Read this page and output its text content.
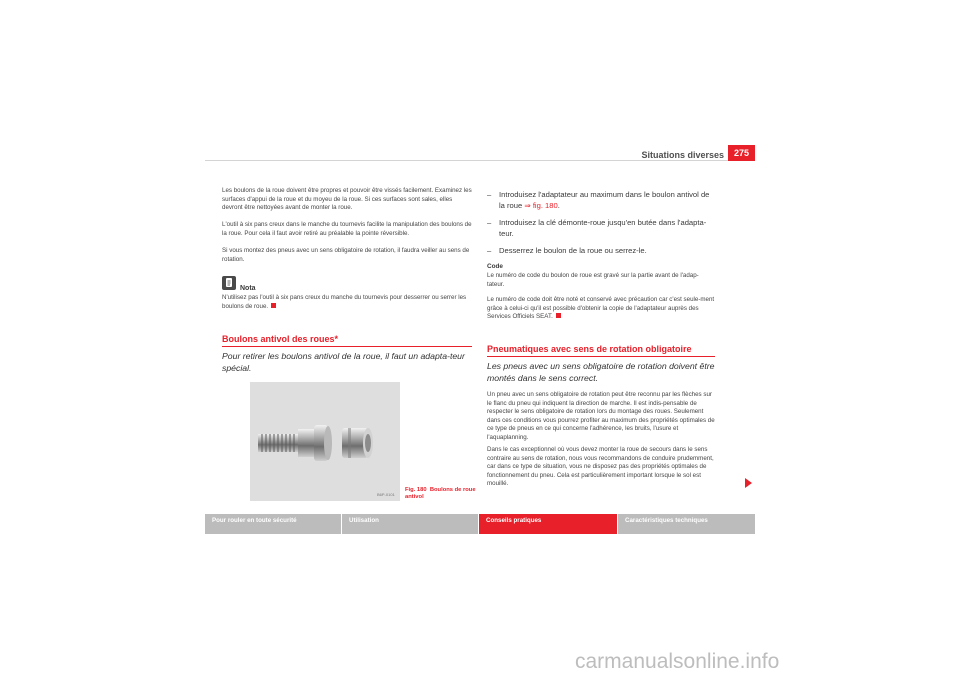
Situations diverses	275
Les boulons de la roue doivent être propres et pouvoir être vissés facilement. Examinez les surfaces d'appui de la roue et du moyeu de la roue. Si ces surfaces sont sales, elles devront être nettoyées avant de monter la roue.
L'outil à six pans creux dans le manche du tournevis facilite la manipulation des boulons de la roue. Pour cela il faut avoir retiré au préalable la pointe réversible.
Si vous montez des pneus avec un sens obligatoire de rotation, il faudra veiller au sens de rotation.
Nota
N'utilisez pas l'outil à six pans creux du manche du tournevis pour desserrer ou serrer les boulons de roue.
Boulons antivol des roues*
Pour retirer les boulons antivol de la roue, il faut un adapta-teur spécial.
B6P-0101
Fig. 180 Boulons de roue antivol
– Introduisez l'adaptateur au maximum dans le boulon antivol de la roue ⇒ fig. 180.
– Introduisez la clé démonte-roue jusqu'en butée dans l'adapta-teur.
– Desserrez le boulon de la roue ou serrez-le.
Code
Le numéro de code du boulon de roue est gravé sur la partie avant de l'adap-tateur.
Le numéro de code doit être noté et conservé avec précaution car c'est seule-ment grâce à celui-ci qu'il est possible d'obtenir la copie de l'adaptateur auprès des Services Officiels SEAT.
Pneumatiques avec sens de rotation obligatoire
Les pneus avec un sens obligatoire de rotation doivent être montés dans le sens correct.
Un pneu avec un sens obligatoire de rotation peut être reconnu par les flèches sur le flanc du pneu qui indiquent la direction de marche. Il est indis-pensable de respecter le sens obligatoire de rotation lors du montage des roues. Seulement dans ces conditions vous pourrez profiter au maximum des propriétés optimales de ce type de pneus en ce qui concerne l'adhérence, les bruits, l'usure et l'aquaplanning.
Dans le cas exceptionnel où vous devez monter la roue de secours dans le sens contraire au sens de rotation, nous vous recommandons de conduire prudemment, car dans ce type de situation, vous ne disposez pas des propriétés optimales de fonctionnement du pneu. Cela est particulièrement important lorsque le sol est mouillé.
Pour rouler en toute sécurité	Utilisation	Conseils pratiques	Caractéristiques techniques
carmanualsonline.info
